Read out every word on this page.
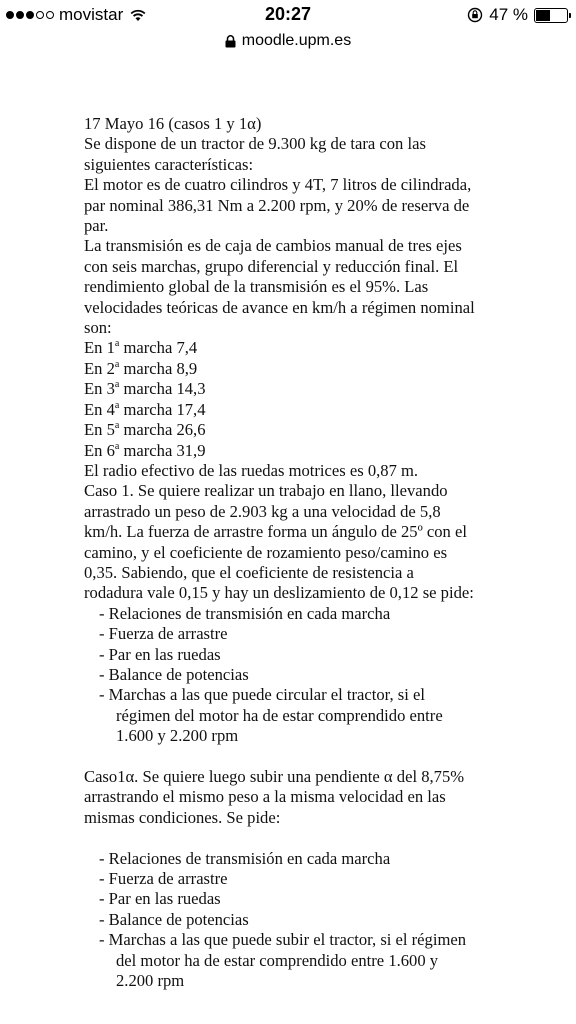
movistar	20:27	47 %
moodle.upm.es

17 Mayo 16 (casos 1 y 1α)

Se dispone de un tractor de 9.300 kg de tara con las

siguientes características:

El motor es de cuatro cilindros y 4T, 7 litros de cilindrada,

par nominal 386,31 Nm a 2.200 rpm, y 20% de reserva de

par.

La transmisión es de caja de cambios manual de tres ejes

con seis marchas, grupo diferencial y reducción final. El

rendimiento global de la transmisión es el 95%. Las

velocidades teóricas de avance en km/h a régimen nominal

son:

En 1$^a$ marcha 7,4

En 2$^a$ marcha 8,9

En 3$^a$ marcha 14,3

En 4$^a$ marcha 17,4

En 5$^a$ marcha 26,6

En 6$^a$ marcha 31,9

El radio efectivo de las ruedas motrices es 0,87 m.

Caso 1. Se quiere realizar un trabajo en llano, llevando

arrastrado un peso de 2.903 kg a una velocidad de 5,8

km/h. La fuerza de arrastre forma un ángulo de 25º con el

camino, y el coeficiente de rozamiento peso/camino es

0,35. Sabiendo, que el coeficiente de resistencia a

rodadura vale 0,15 y hay un deslizamiento de 0,12 se pide:

- Relaciones de transmisión en cada marcha

- Fuerza de arrastre

- Par en las ruedas

- Balance de potencias

- Marchas a las que puede circular el tractor, si el

régimen del motor ha de estar comprendido entre

1.600 y 2.200 rpm

Caso1α. Se quiere luego subir una pendiente α del 8,75%

arrastrando el mismo peso a la misma velocidad en las

mismas condiciones. Se pide:

- Relaciones de transmisión en cada marcha

- Fuerza de arrastre

- Par en las ruedas

- Balance de potencias

- Marchas a las que puede subir el tractor, si el régimen

del motor ha de estar comprendido entre 1.600 y

2.200 rpm
